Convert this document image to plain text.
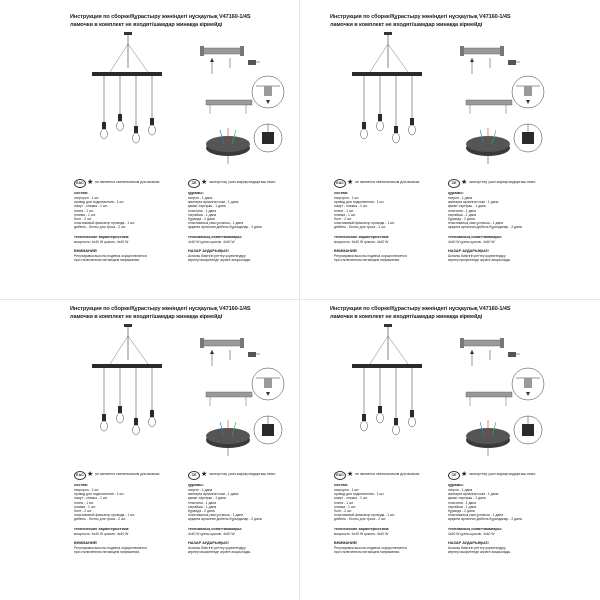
Инструкция по сборке/Құрастыру жөніндегі нұсқаулық V47160-1/4S
ламочки в комплект не входят/шамдар жинаққа кірмейді
EAC ★ не является светильником для вывоза	CE ★ экспорттау үшін жарықтандырғыш емес
состав:
патророн - 1 шт.
провод для подключения - 1 шт.
хомут - стяжка - 1 шт.
плита - 1 шт.
планка - 1 шт.
болт - 2 шт.
пластиковый фиксатор провода - 1 шт.
дюбель - болты для троса - 2 шт.
технические характеристики:
мощность: 4x40 W цоколь: 4x40 W
ВНИМАНИЕ!
Регулировка высоты подвеса осуществляется
при отключенном питающем напряжении.
құрамы:
патрон - 1 дана
жалғауға арналған сым - 1 дана
қамыт-тартқыш - 1 дана
пластина - 1 дана
тақтайша - 1 дана
бұранда - 2 дана
пластикалық сым ұстағыш - 1 дана
арқанға арналған дюбель бұрандалар - 2 дана
техникалық сипаттамалары:
4x40 W қуаты цоколь: 4x40 W
НАЗАР АУДАРЫҢЫЗ!
Аспалы биіктігін реттеу қоректендіру
кернеуі өшірілгенде жүзеге асырылады.
Инструкция по сборке/Құрастыру жөніндегі нұсқаулық V47160-1/4S
ламочки в комплект не входят/шамдар жинаққа кірмейді
EAC ★ не является светильником для вывоза	CE ★ экспорттау үшін жарықтандырғыш емес
состав:
патророн - 1 шт.
провод для подключения - 1 шт.
хомут - стяжка - 1 шт.
плита - 1 шт.
планка - 1 шт.
болт - 2 шт.
пластиковый фиксатор провода - 1 шт.
дюбель - болты для троса - 2 шт.
технические характеристики:
мощность: 4x40 W цоколь: 4x40 W
ВНИМАНИЕ!
Регулировка высоты подвеса осуществляется
при отключенном питающем напряжении.
құрамы:
патрон - 1 дана
жалғауға арналған сым - 1 дана
қамыт-тартқыш - 1 дана
пластина - 1 дана
тақтайша - 1 дана
бұранда - 2 дана
пластикалық сым ұстағыш - 1 дана
арқанға арналған дюбель бұрандалар - 2 дана
техникалық сипаттамалары:
4x40 W қуаты цоколь: 4x40 W
НАЗАР АУДАРЫҢЫЗ!
Аспалы биіктігін реттеу қоректендіру
кернеуі өшірілгенде жүзеге асырылады.
Инструкция по сборке/Құрастыру жөніндегі нұсқаулық V47160-1/4S
ламочки в комплект не входят/шамдар жинаққа кірмейді
EAC ★ не является светильником для вывоза	CE ★ экспорттау үшін жарықтандырғыш емес
состав:
патророн - 1 шт.
провод для подключения - 1 шт.
хомут - стяжка - 1 шт.
плита - 1 шт.
планка - 1 шт.
болт - 2 шт.
пластиковый фиксатор провода - 1 шт.
дюбель - болты для троса - 2 шт.
технические характеристики:
мощность: 4x40 W цоколь: 4x40 W
ВНИМАНИЕ!
Регулировка высоты подвеса осуществляется
при отключенном питающем напряжении.
құрамы:
патрон - 1 дана
жалғауға арналған сым - 1 дана
қамыт-тартқыш - 1 дана
пластина - 1 дана
тақтайша - 1 дана
бұранда - 2 дана
пластикалық сым ұстағыш - 1 дана
арқанға арналған дюбель бұрандалар - 2 дана
техникалық сипаттамалары:
4x40 W қуаты цоколь: 4x40 W
НАЗАР АУДАРЫҢЫЗ!
Аспалы биіктігін реттеу қоректендіру
кернеуі өшірілгенде жүзеге асырылады.
Инструкция по сборке/Құрастыру жөніндегі нұсқаулық V47160-1/4S
ламочки в комплект не входят/шамдар жинаққа кірмейді
EAC ★ не является светильником для вывоза	CE ★ экспорттау үшін жарықтандырғыш емес
состав:
патророн - 1 шт.
провод для подключения - 1 шт.
хомут - стяжка - 1 шт.
плита - 1 шт.
планка - 1 шт.
болт - 2 шт.
пластиковый фиксатор провода - 1 шт.
дюбель - болты для троса - 2 шт.
технические характеристики:
мощность: 4x40 W цоколь: 4x40 W
ВНИМАНИЕ!
Регулировка высоты подвеса осуществляется
при отключенном питающем напряжении.
құрамы:
патрон - 1 дана
жалғауға арналған сым - 1 дана
қамыт-тартқыш - 1 дана
пластина - 1 дана
тақтайша - 1 дана
бұранда - 2 дана
пластикалық сым ұстағыш - 1 дана
арқанға арналған дюбель бұрандалар - 2 дана
техникалық сипаттамалары:
4x40 W қуаты цоколь: 4x40 W
НАЗАР АУДАРЫҢЫЗ!
Аспалы биіктігін реттеу қоректендіру
кернеуі өшірілгенде жүзеге асырылады.
